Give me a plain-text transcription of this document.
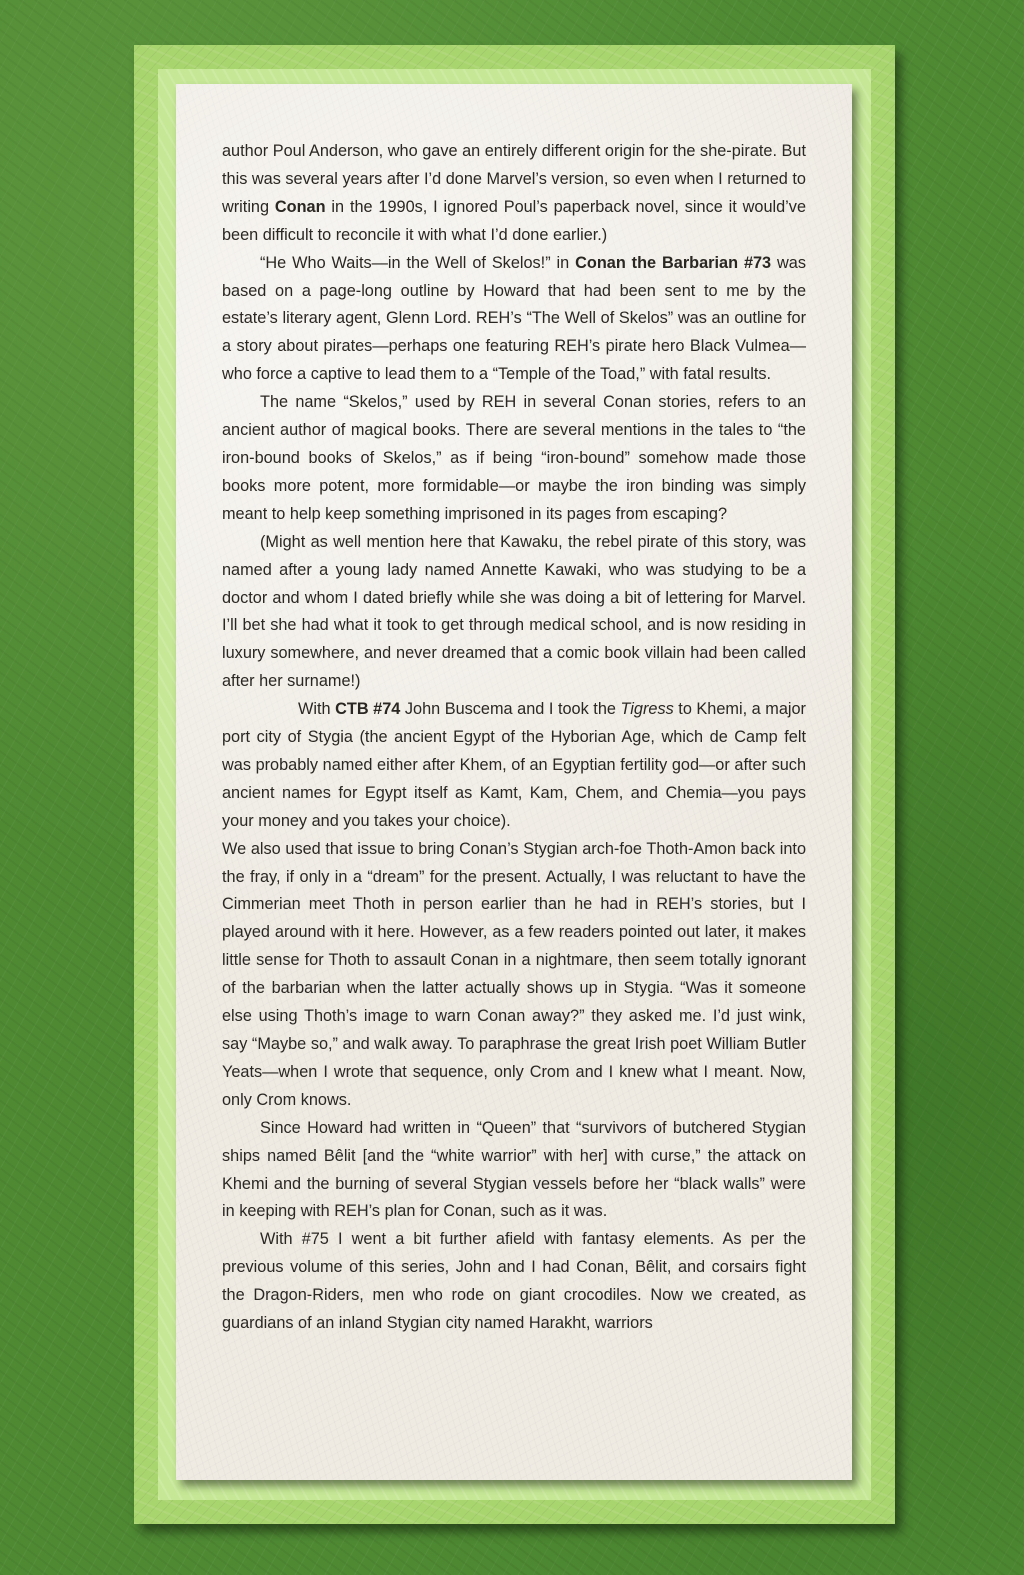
author Poul Anderson, who gave an entirely different origin for the she-pirate. But this was several years after I’d done Marvel’s version, so even when I returned to writing Conan in the 1990s, I ignored Poul’s paperback novel, since it would’ve been difficult to reconcile it with what I’d done earlier.)

“He Who Waits—in the Well of Skelos!” in Conan the Barbarian #73 was based on a page-long outline by Howard that had been sent to me by the estate’s literary agent, Glenn Lord. REH’s “The Well of Skelos” was an outline for a story about pirates—perhaps one featuring REH’s pirate hero Black Vulmea—who force a captive to lead them to a “Temple of the Toad,” with fatal results.

The name “Skelos,” used by REH in several Conan stories, refers to an ancient author of magical books. There are several mentions in the tales to “the iron-bound books of Skelos,” as if being “iron-bound” somehow made those books more potent, more formidable—or maybe the iron binding was simply meant to help keep something imprisoned in its pages from escaping?

(Might as well mention here that Kawaku, the rebel pirate of this story, was named after a young lady named Annette Kawaki, who was studying to be a doctor and whom I dated briefly while she was doing a bit of lettering for Marvel. I’ll bet she had what it took to get through medical school, and is now residing in luxury somewhere, and never dreamed that a comic book villain had been called after her surname!)

With CTB #74 John Buscema and I took the Tigress to Khemi, a major port city of Stygia (the ancient Egypt of the Hyborian Age, which de Camp felt was probably named either after Khem, of an Egyptian fertility god—or after such ancient names for Egypt itself as Kamt, Kam, Chem, and Chemia—you pays your money and you takes your choice).

We also used that issue to bring Conan’s Stygian arch-foe Thoth-Amon back into the fray, if only in a “dream” for the present. Actually, I was reluctant to have the Cimmerian meet Thoth in person earlier than he had in REH’s stories, but I played around with it here. However, as a few readers pointed out later, it makes little sense for Thoth to assault Conan in a nightmare, then seem totally ignorant of the barbarian when the latter actually shows up in Stygia. “Was it someone else using Thoth’s image to warn Conan away?” they asked me. I’d just wink, say “Maybe so,” and walk away. To paraphrase the great Irish poet William Butler Yeats—when I wrote that sequence, only Crom and I knew what I meant. Now, only Crom knows.

Since Howard had written in “Queen” that “survivors of butchered Stygian ships named Bêlit [and the “white warrior” with her] with curse,” the attack on Khemi and the burning of several Stygian vessels before her “black walls” were in keeping with REH’s plan for Conan, such as it was.

With #75 I went a bit further afield with fantasy elements. As per the previous volume of this series, John and I had Conan, Bêlit, and corsairs fight the Dragon-Riders, men who rode on giant crocodiles. Now we created, as guardians of an inland Stygian city named Harakht, warriors
